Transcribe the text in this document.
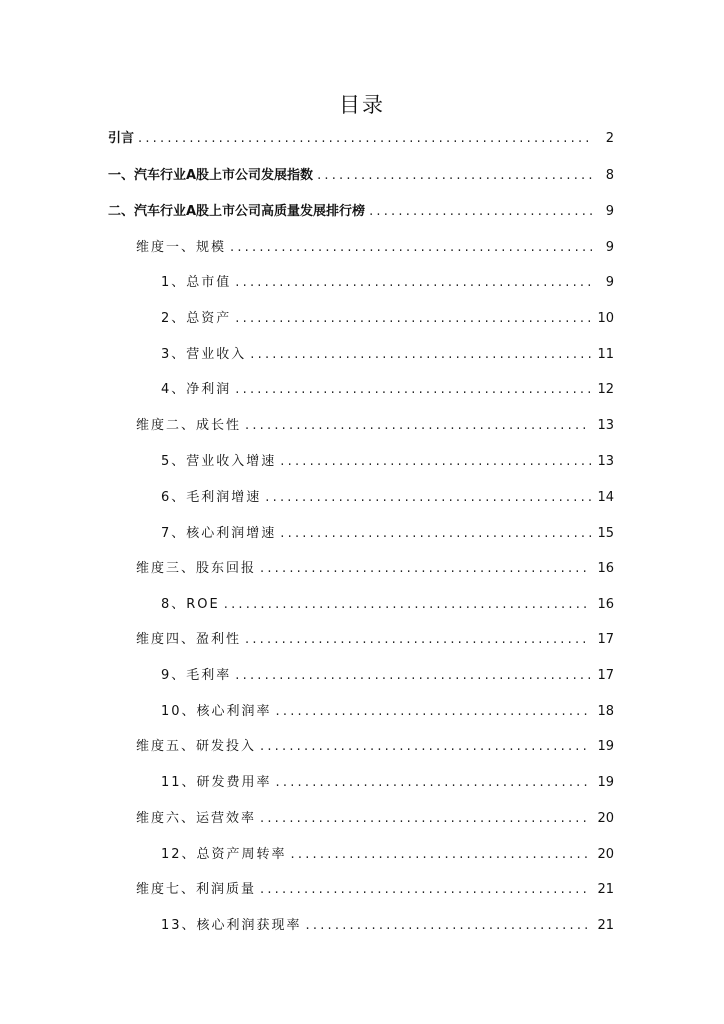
目录
引言 .....	2
一、汽车行业A股上市公司发展指数 .....	8
二、汽车行业A股上市公司高质量发展排行榜 .....	9
维度一、规模 .....	9
1、总市值 .....	9
2、总资产 .....	10
3、营业收入 .....	11
4、净利润 .....	12
维度二、成长性 .....	13
5、营业收入增速 .....	13
6、毛利润增速 .....	14
7、核心利润增速 .....	15
维度三、股东回报 .....	16
8、ROE .....	16
维度四、盈利性 .....	17
9、毛利率 .....	17
10、核心利润率 .....	18
维度五、研发投入 .....	19
11、研发费用率 .....	19
维度六、运营效率 .....	20
12、总资产周转率 .....	20
维度七、利润质量 .....	21
13、核心利润获现率 .....	21
